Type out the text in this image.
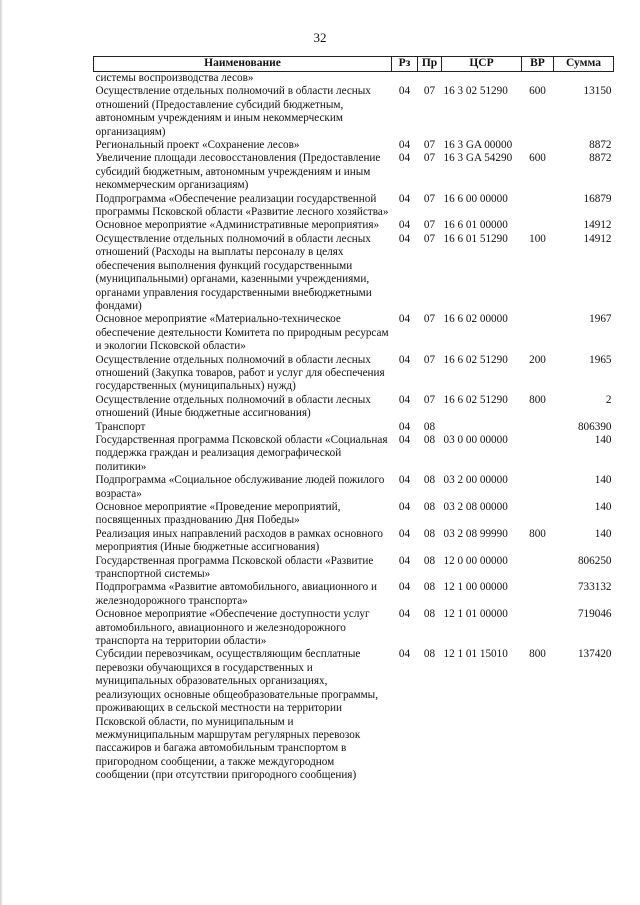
32
Наименование	Рз	Пр	ЦСР	ВР	Сумма
системы воспроизводства лесов»					
Осуществление отдельных полномочий в области лесных отношений (Предоставление субсидий бюджетным, автономным учреждениям и иным некоммерческим организациям)	04	07	16 3 02 51290	600	13150
Региональный проект «Сохранение лесов»	04	07	16 3 GA 00000		8872
Увеличение площади лесовосстановления (Предоставление субсидий бюджетным, автономным учреждениям и иным некоммерческим организациям)	04	07	16 3 GA 54290	600	8872
Подпрограмма «Обеспечение реализации государственной программы Псковской области «Развитие лесного хозяйства»	04	07	16 6 00 00000		16879
Основное мероприятие «Административные мероприятия»	04	07	16 6 01 00000		14912
Осуществление отдельных полномочий в области лесных отношений (Расходы на выплаты персоналу в целях обеспечения выполнения функций государственными (муниципальными) органами, казенными учреждениями, органами управления государственными внебюджетными фондами)	04	07	16 6 01 51290	100	14912
Основное мероприятие «Материально-техническое обеспечение деятельности Комитета по природным ресурсам и экологии Псковской области»	04	07	16 6 02 00000		1967
Осуществление отдельных полномочий в области лесных отношений (Закупка товаров, работ и услуг для обеспечения государственных (муниципальных) нужд)	04	07	16 6 02 51290	200	1965
Осуществление отдельных полномочий в области лесных отношений (Иные бюджетные ассигнования)	04	07	16 6 02 51290	800	2
Транспорт	04	08			806390
Государственная программа Псковской области «Социальная поддержка граждан и реализация демографической политики»	04	08	03 0 00 00000		140
Подпрограмма «Социальное обслуживание людей пожилого возраста»	04	08	03 2 00 00000		140
Основное мероприятие «Проведение мероприятий, посвященных празднованию Дня Победы»	04	08	03 2 08 00000		140
Реализация иных направлений расходов в рамках основного мероприятия (Иные бюджетные ассигнования)	04	08	03 2 08 99990	800	140
Государственная программа Псковской области «Развитие транспортной системы»	04	08	12 0 00 00000		806250
Подпрограмма «Развитие автомобильного, авиационного и железнодорожного транспорта»	04	08	12 1 00 00000		733132
Основное мероприятие «Обеспечение доступности услуг автомобильного, авиационного и железнодорожного транспорта на территории области»	04	08	12 1 01 00000		719046
Субсидии перевозчикам, осуществляющим бесплатные перевозки обучающихся в государственных и муниципальных образовательных организациях, реализующих основные общеобразовательные программы, проживающих в сельской местности на территории Псковской области, по муниципальным и межмуниципальным маршрутам регулярных перевозок пассажиров и багажа автомобильным транспортом в пригородном сообщении, а также междугородном сообщении (при отсутствии пригородного сообщения)	04	08	12 1 01 15010	800	137420
